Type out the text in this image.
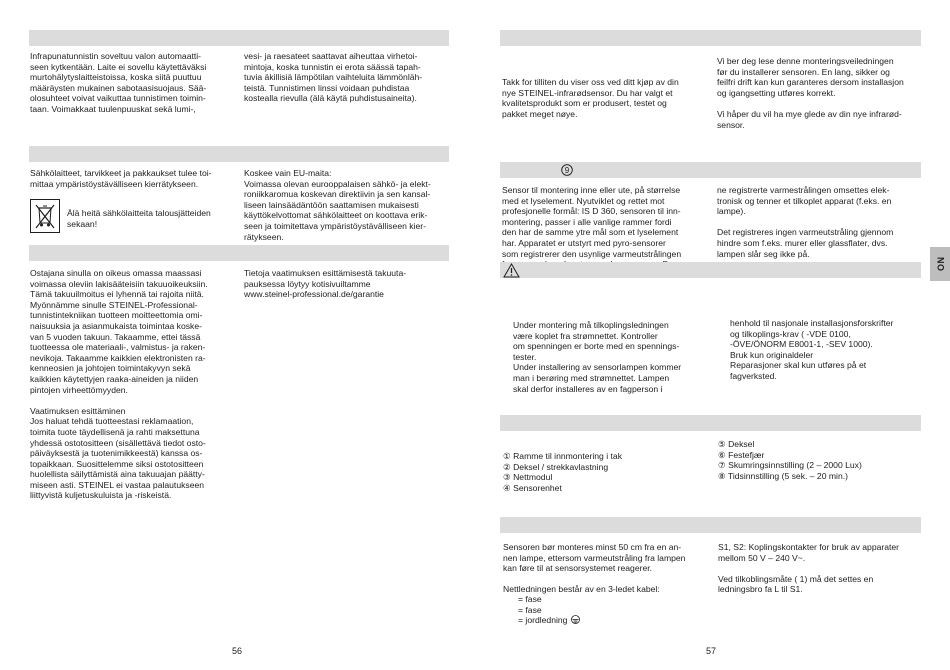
Infrapunatunnistin soveltuu valon automaatti-
seen kytkentään. Laite ei sovellu käytettäväksi
murtohälytyslaitteistoissa, koska siitä puuttuu
määräysten mukainen sabotaasisuojaus. Sää-
olosuhteet voivat vaikuttaa tunnistimen toimin-
taan. Voimakkaat tuulenpuuskat sekä lumi-,
vesi- ja raesateet saattavat aiheuttaa virhetoi-
mintoja, koska tunnistin ei erota säässä tapah-
tuvia äkillisiä lämpötilan vaihteluita lämmönläh-
teistä. Tunnistimen linssi voidaan puhdistaa
kostealla rievulla (älä käytä puhdistusaineita).
Sähkölaitteet, tarvikkeet ja pakkaukset tulee toi-
mittaa ympäristöystävälliseen kierrätykseen.
Älä heitä sähkölaitteita talousjätteiden
sekaan!
Koskee vain EU-maita:
Voimassa olevan eurooppalaisen sähkö- ja elekt-
roniikkaromua koskevan direktiivin ja sen kansal-
liseen lainsäädäntöön saattamisen mukaisesti
käyttökelvottomat sähkölaitteet on koottava erik-
seen ja toimitettava ympäristöystävälliseen kier-
rätykseen.
Ostajana sinulla on oikeus omassa maassasi
voimassa oleviin lakisääteisiin takuuoikeuksiin.
Tämä takuuilmoitus ei lyhennä tai rajoita niitä.
Myönnämme sinulle STEINEL-Professional-
tunnistintekniikan tuotteen moitteettomia omi-
naisuuksia ja asianmukaista toimintaa koske-
van 5 vuoden takuun. Takaamme, ettei tässä
tuotteessa ole materiaali-, valmistus- ja raken-
nevikoja. Takaamme kaikkien elektronisten ra-
kenneosien ja johtojen toimintakyvyn sekä
kaikkien käytettyjen raaka-aineiden ja niiden
pintojen virheettömyyden.

Vaatimuksen esittäminen
Jos haluat tehdä tuotteestasi reklamaation,
toimita tuote täydellisenä ja rahti maksettuna
yhdessä ostotositteen (sisällettävä tiedot osto-
päiväyksestä ja tuotenimikkeestä) kanssa os-
topaikkaan. Suosittelemme siksi ostotositteen
huolellista säilyttämistä aina takuuajan päätty-
miseen asti. STEINEL ei vastaa palautukseen
liittyvistä kuljetuskuluista ja -riskeistä.
Tietoja vaatimuksen esittämisestä takuuta-
pauksessa löytyy kotisivuiltamme
www.steinel-professional.de/garantie
56
Takk for tilliten du viser oss ved ditt kjøp av din
nye STEINEL-infrarødsensor. Du har valgt et
kvalitetsprodukt som er produsert, testet og
pakket meget nøye.
Vi ber deg lese denne monteringsveiledningen
før du installerer sensoren. En lang, sikker og
feilfri drift kan kun garanteres dersom installasjon
og igangsetting utføres korrekt.

Vi håper du vil ha mye glede av din nye infrarød-
sensor.
9
Sensor til montering inne eller ute, på størrelse
med et lyselement. Nyutviklet og rettet mot
profesjonelle formål: IS D 360, sensoren til inn-
montering, passer i alle vanlige rammer fordi
den har de samme ytre mål som et lyselement
har. Apparatet er utstyrt med pyro-sensorer
som registrerer den usynlige varmeutstrålingen

ne registrerte varmestrålingen omsettes elek-
tronisk og tenner et tilkoplet apparat (f.eks. en
lampe).

Det registreres ingen varmeutstråling gjennom
hindre som f.eks. murer eller glassflater, dvs.
lampen slår seg ikke på.
Under montering må tilkoplingsledningen
være koplet fra strømnettet. Kontroller
om spenningen er borte med en spennings-
tester.
Under installering av sensorlampen kommer
man i berøring med strømnettet. Lampen
skal derfor installeres av en fagperson i
henhold til nasjonale installasjonsforskrifter
og tilkoplings-krav ( -VDE 0100,
-ÖVE/ÖNORM E8001-1, -SEV 1000).
Bruk kun originaldeler
Reparasjoner skal kun utføres på et
fagverksted.
① Ramme til innmontering i tak
② Deksel / strekkavlastning
③ Nettmodul
④ Sensorenhet
⑤ Deksel
⑥ Festefjær
⑦ Skumringsinnstilling (2 – 2000 Lux)
⑧ Tidsinnstilling (5 sek. – 20 min.)
Sensoren bør monteres minst 50 cm fra en an-
nen lampe, ettersom varmeutstråling fra lampen
kan føre til at sensorsystemet reagerer.

Nettledningen består av en 3-ledet kabel:
= fase
= fase
= jordledning
S1, S2: Koplingskontakter for bruk av apparater
mellom 50 V – 240 V~.

Ved tilkoblingsmåte ( 1) må det settes en
ledningsbro fa L til S1.
NO
57
